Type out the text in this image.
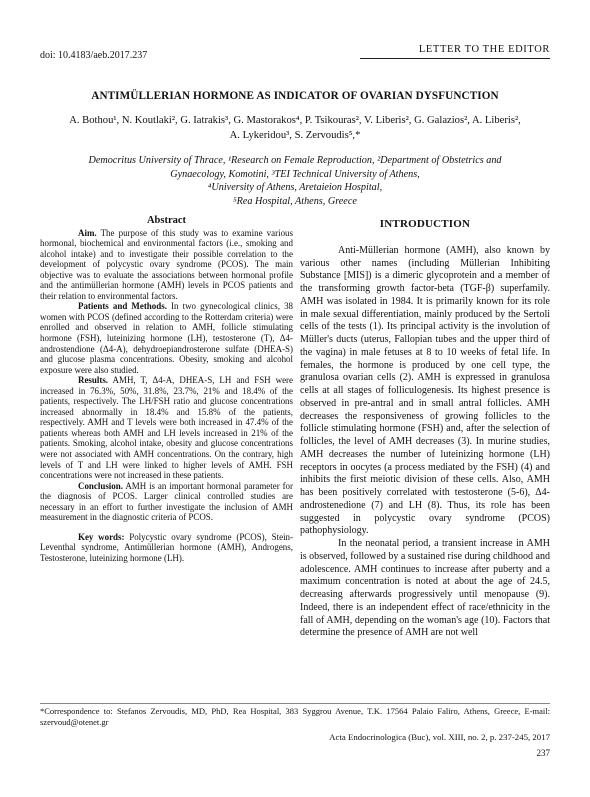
doi: 10.4183/aeb.2017.237
LETTER TO THE EDITOR
ANTIMÜLLERIAN HORMONE AS INDICATOR OF OVARIAN DYSFUNCTION
A. Bothou¹, N. Koutlaki², G. Iatrakis³, G. Mastorakos⁴, P. Tsikouras², V. Liberis², G. Galazios², A. Liberis²,
A. Lykeridou³, S. Zervoudis⁵,*
Democritus University of Thrace, ¹Research on Female Reproduction, ²Department of Obstetrics and
Gynaecology, Komotini, ³TEI Technical University of Athens,
⁴University of Athens, Aretaieion Hospital,
⁵Rea Hospital, Athens, Greece
Abstract

Aim. The purpose of this study was to examine various hormonal, biochemical and environmental factors (i.e., smoking and alcohol intake) and to investigate their possible correlation to the development of polycystic ovary syndrome (PCOS). The main objective was to evaluate the associations between hormonal profile and the antimüllerian hormone (AMH) levels in PCOS patients and their relation to environmental factors.

Patients and Methods. In two gynecological clinics, 38 women with PCOS (defined according to the Rotterdam criteria) were enrolled and observed in relation to AMH, follicle stimulating hormone (FSH), luteinizing hormone (LH), testosterone (T), Δ4-androstendione (Δ4-A), dehydroepiandrosterone sulfate (DHEA-S) and glucose plasma concentrations. Obesity, smoking and alcohol exposure were also studied.

Results. AMH, T, Δ4-A, DHEA-S, LH and FSH were increased in 76.3%, 50%, 31.8%, 23.7%, 21% and 18.4% of the patients, respectively. The LH/FSH ratio and glucose concentrations increased abnormally in 18.4% and 15.8% of the patients, respectively. AMH and T levels were both increased in 47.4% of the patients whereas both AMH and LH levels increased in 21% of the patients. Smoking, alcohol intake, obesity and glucose concentrations were not associated with AMH concentrations. On the contrary, high levels of T and LH were linked to higher levels of AMH. FSH concentrations were not increased in these patients.

Conclusion. AMH is an important hormonal parameter for the diagnosis of PCOS. Larger clinical controlled studies are necessary in an effort to further investigate the inclusion of AMH measurement in the diagnostic criteria of PCOS.

Key words: Polycystic ovary syndrome (PCOS), Stein-Leventhal syndrome, Antimüllerian hormone (AMH), Androgens, Testosterone, luteinizing hormone (LH).

INTRODUCTION

Anti-Müllerian hormone (AMH), also known by various other names (including Müllerian Inhibiting Substance [MIS]) is a dimeric glycoprotein and a member of the transforming growth factor-beta (TGF-β) superfamily. AMH was isolated in 1984. It is primarily known for its role in male sexual differentiation, mainly produced by the Sertoli cells of the tests (1). Its principal activity is the involution of Müller's ducts (uterus, Fallopian tubes and the upper third of the vagina) in male fetuses at 8 to 10 weeks of fetal life. In females, the hormone is produced by one cell type, the granulosa ovarian cells (2). AMH is expressed in granulosa cells at all stages of folliculogenesis. Its highest presence is observed in pre-antral and in small antral follicles. AMH decreases the responsiveness of growing follicles to the follicle stimulating hormone (FSH) and, after the selection of follicles, the level of AMH decreases (3). In murine studies, AMH decreases the number of luteinizing hormone (LH) receptors in oocytes (a process mediated by the FSH) (4) and inhibits the first meiotic division of these cells. Also, AMH has been positively correlated with testosterone (5-6), Δ4-androstenedione (7) and LH (8). Thus, its role has been suggested in polycystic ovary syndrome (PCOS) pathophysiology.

In the neonatal period, a transient increase in AMH is observed, followed by a sustained rise during childhood and adolescence. AMH continues to increase after puberty and a maximum concentration is noted at about the age of 24.5, decreasing afterwards progressively until menopause (9). Indeed, there is an independent effect of race/ethnicity in the fall of AMH, depending on the woman's age (10). Factors that determine the presence of AMH are not well

*Correspondence to: Stefanos Zervoudis, MD, PhD, Rea Hospital, 383 Syggrou Avenue, T.K. 17564 Palaio Faliro, Athens, Greece, E-mail: szervoud@otenet.gr
Acta Endocrinologica (Buc), vol. XIII, no. 2, p. 237-245, 2017
237
